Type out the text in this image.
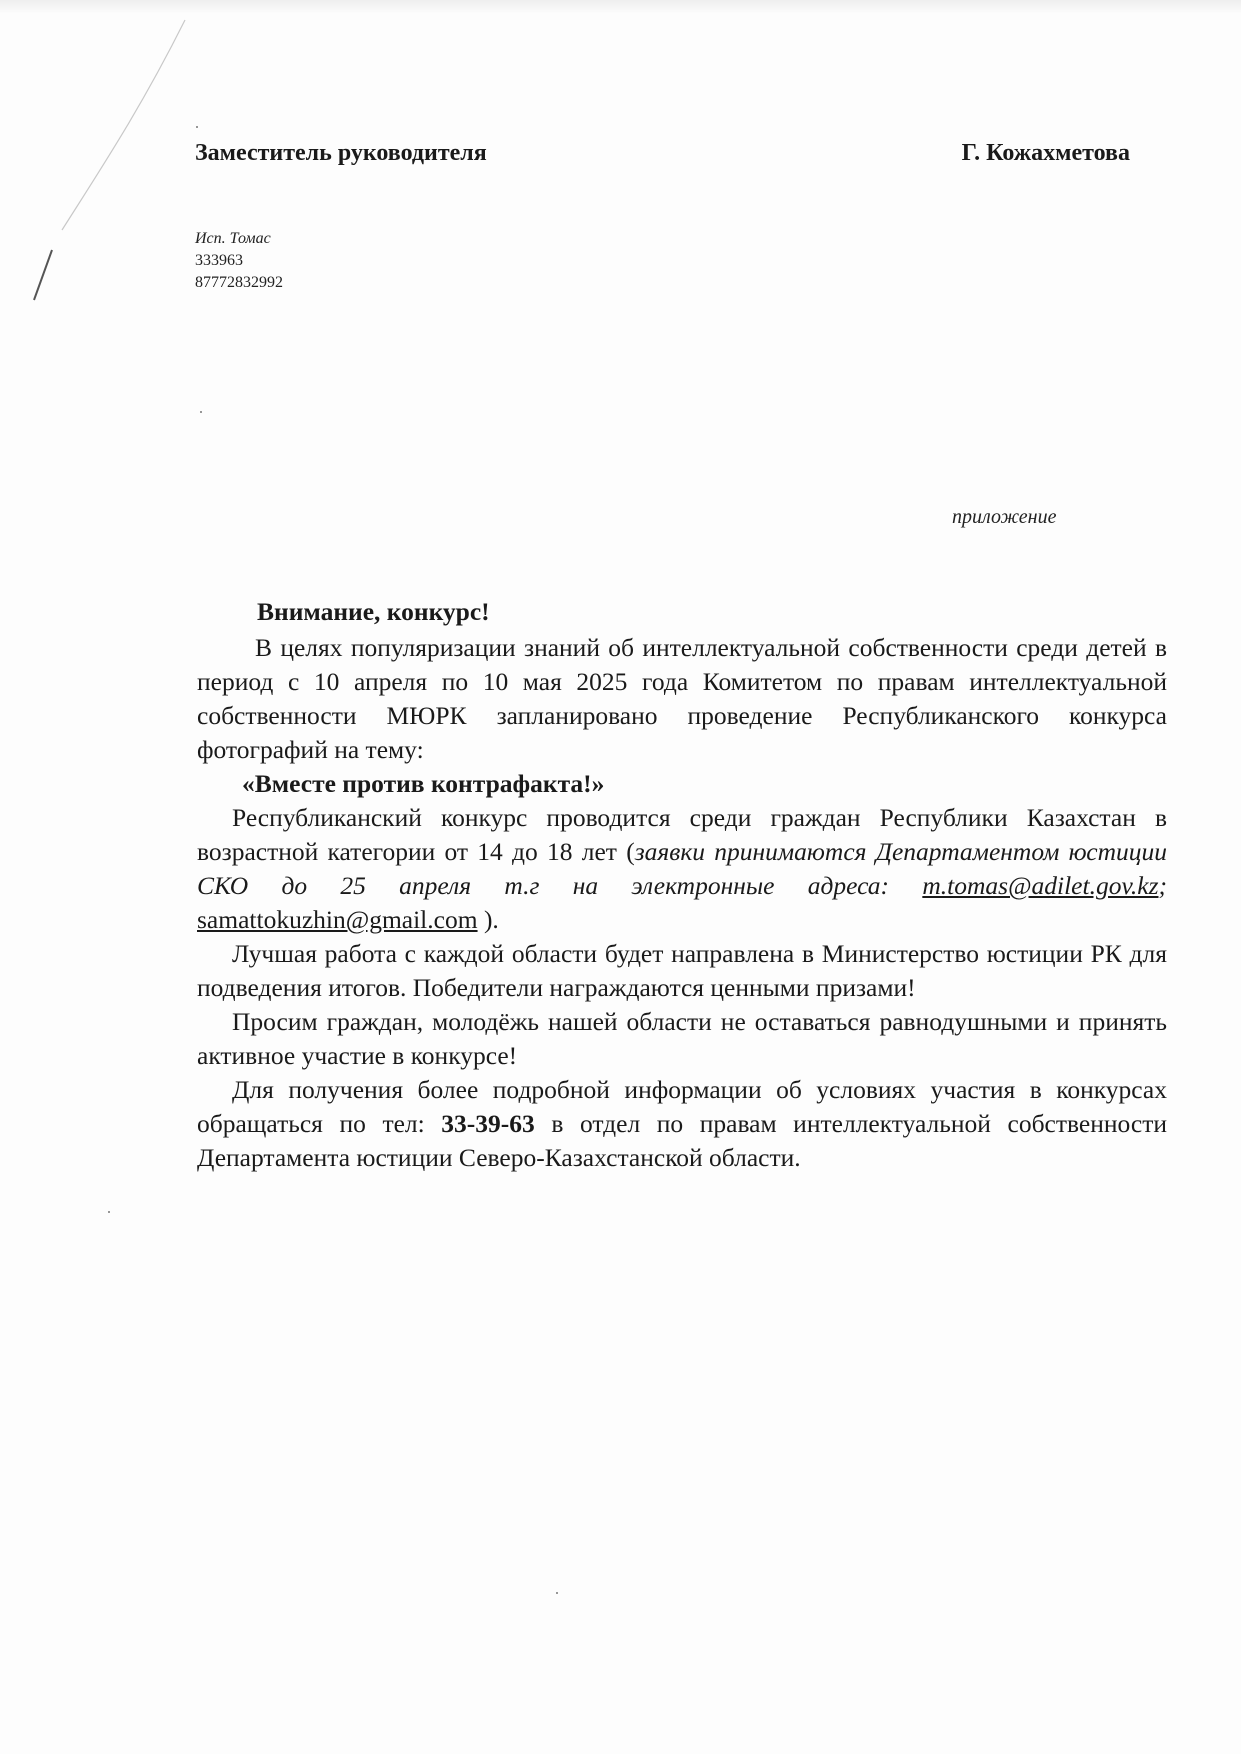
Заместитель руководителя	Г. Кожахметова
Исп. Томас
333963
87772832992
приложение

Внимание, конкурс!

В целях популяризации знаний об интеллектуальной собственности среди детей в период с 10 апреля по 10 мая 2025 года Комитетом по правам интеллектуальной собственности МЮРК запланировано проведение Республиканского конкурса фотографий на тему:

«Вместе против контрафакта!»

Республиканский конкурс проводится среди граждан Республики Казахстан в возрастной категории от 14 до 18 лет (заявки принимаются Департаментом юстиции СКО до 25 апреля т.г на электронные адреса: m.tomas@adilet.gov.kz; samattokuzhin@gmail.com ).

Лучшая работа с каждой области будет направлена в Министерство юстиции РК для подведения итогов. Победители награждаются ценными призами!

Просим граждан, молодёжь нашей области не оставаться равнодушными и принять активное участие в конкурсе!

Для получения более подробной информации об условиях участия в конкурсах обращаться по тел: 33-39-63 в отдел по правам интеллектуальной собственности Департамента юстиции Северо-Казахстанской области.
